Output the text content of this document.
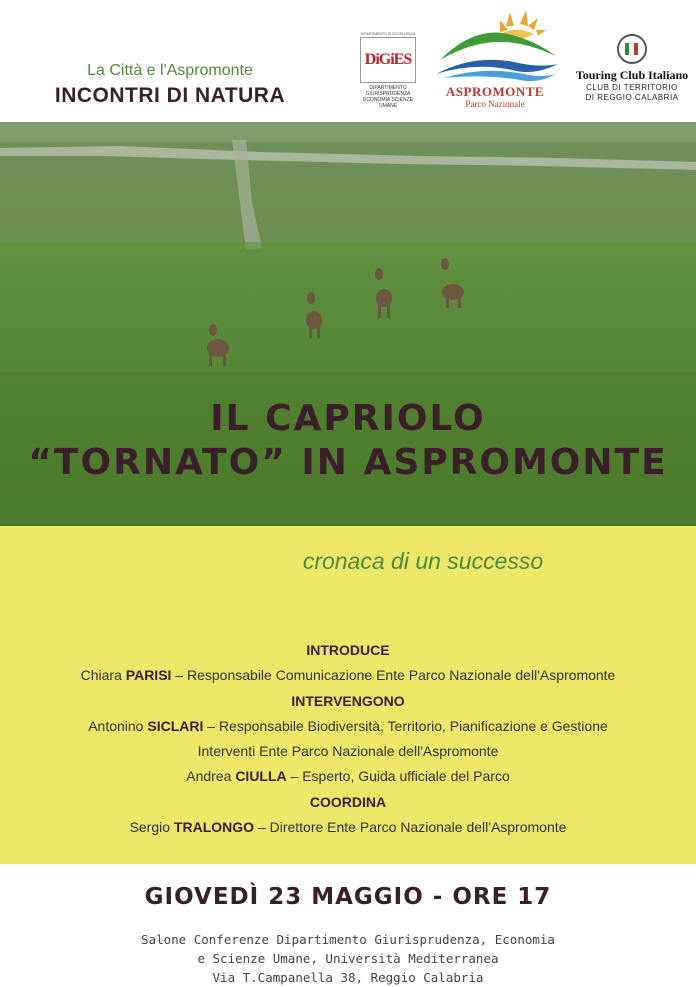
La Città e l'Aspromonte
INCONTRI DI NATURA
DIPARTIMENTO DI ECCELLENZA
DiGiES
DIPARTIMENTO GIURISPRUDENZA ECONOMIA SCIENZE UMANE
ASPROMONTE
Parco Nazionale
Touring Club Italiano
CLUB DI TERRITORIO
DI REGGIO CALABRIA
IL CAPRIOLO
“TORNATO” IN ASPROMONTE
cronaca di un successo
INTRODUCE
Chiara PARISI – Responsabile Comunicazione Ente Parco Nazionale dell'Aspromonte
INTERVENGONO
Antonino SICLARI – Responsabile Biodiversità, Territorio, Pianificazione e Gestione
Interventi Ente Parco Nazionale dell'Aspromonte
Andrea CIULLA – Esperto, Guida ufficiale del Parco
COORDINA
Sergio TRALONGO – Direttore Ente Parco Nazionale dell'Aspromonte
GIOVEDÌ 23 MAGGIO - ORE 17
Salone Conferenze Dipartimento Giurisprudenza, Economia
e Scienze Umane, Università Mediterranea
Via T.Campanella 38, Reggio Calabria
